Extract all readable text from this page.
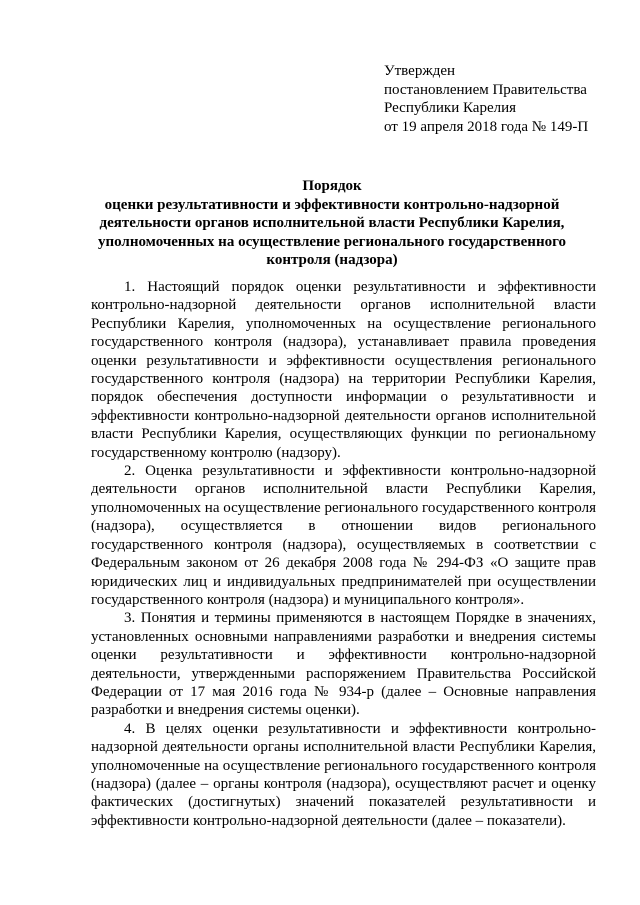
Утвержден
постановлением Правительства
Республики Карелия
от 19 апреля 2018 года № 149-П
Порядок
оценки результативности и эффективности контрольно-надзорной
деятельности органов исполнительной власти Республики Карелия,
уполномоченных на осуществление регионального государственного
контроля (надзора)

1. Настоящий порядок оценки результативности и эффективности контрольно-надзорной деятельности органов исполнительной власти Республики Карелия, уполномоченных на осуществление регионального государственного контроля (надзора), устанавливает правила проведения оценки результативности и эффективности осуществления регионального государственного контроля (надзора) на территории Республики Карелия, порядок обеспечения доступности информации о результативности и эффективности контрольно-надзорной деятельности органов исполнительной власти Республики Карелия, осуществляющих функции по региональному государственному контролю (надзору).

2. Оценка результативности и эффективности контрольно-надзорной деятельности органов исполнительной власти Республики Карелия, уполномоченных на осуществление регионального государственного контроля (надзора), осуществляется в отношении видов регионального государственного контроля (надзора), осуществляемых в соответствии с Федеральным законом от 26 декабря 2008 года № 294-ФЗ «О защите прав юридических лиц и индивидуальных предпринимателей при осуществлении государственного контроля (надзора) и муниципального контроля».

3. Понятия и термины применяются в настоящем Порядке в значениях, установленных основными направлениями разработки и внедрения системы оценки результативности и эффективности контрольно-надзорной деятельности, утвержденными распоряжением Правительства Российской Федерации от 17 мая 2016 года № 934-р (далее – Основные направления разработки и внедрения системы оценки).

4. В целях оценки результативности и эффективности контрольно-надзорной деятельности органы исполнительной власти Республики Карелия, уполномоченные на осуществление регионального государственного контроля (надзора) (далее – органы контроля (надзора), осуществляют расчет и оценку фактических (достигнутых) значений показателей результативности и эффективности контрольно-надзорной деятельности (далее – показатели).
